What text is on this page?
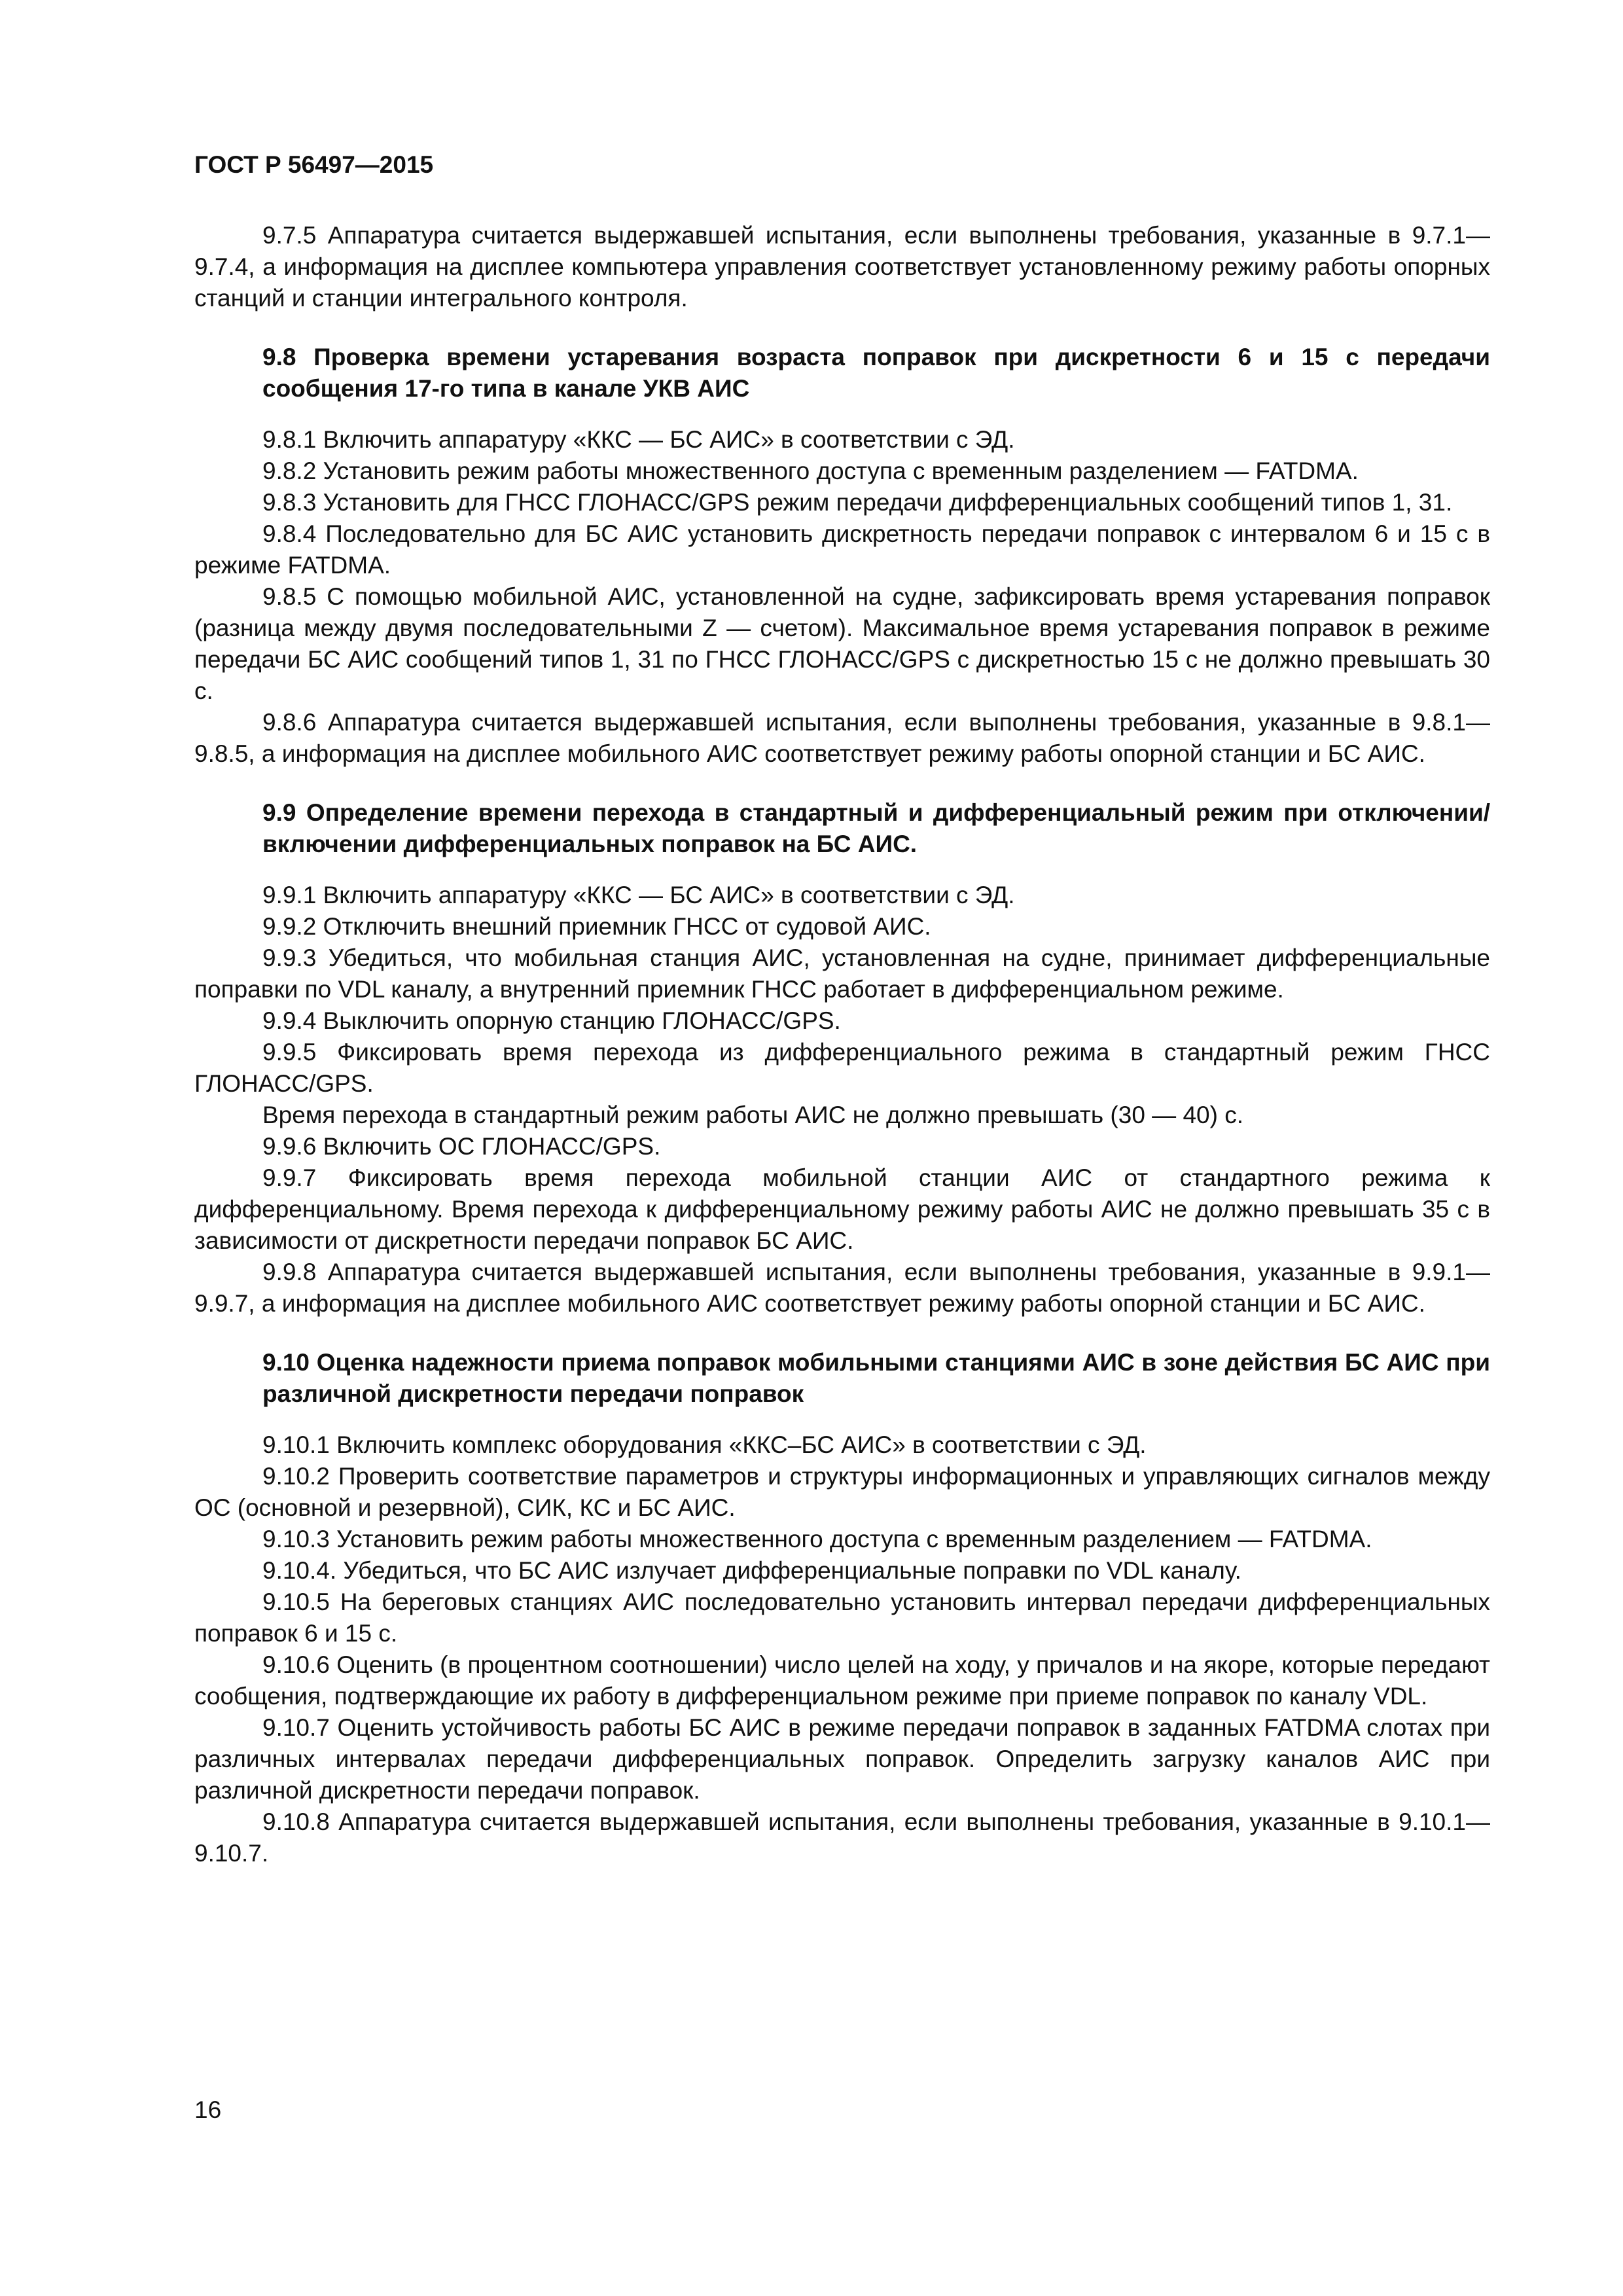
ГОСТ Р 56497—2015

9.7.5 Аппаратура считается выдержавшей испытания, если выполнены требования, указанные в 9.7.1—9.7.4, а информация на дисплее компьютера управления соответствует установленному режиму работы опорных станций и станции интегрального контроля.

9.8 Проверка времени устаревания возраста поправок при дискретности 6 и 15 с передачи сообщения 17-го типа в канале УКВ АИС

9.8.1 Включить аппаратуру «ККС — БС АИС» в соответствии с ЭД.

9.8.2 Установить режим работы множественного доступа с временным разделением — FATDMA.

9.8.3 Установить для ГНСС ГЛОНАСС/GPS режим передачи дифференциальных сообщений типов 1, 31.

9.8.4 Последовательно для БС АИС установить дискретность передачи поправок с интервалом 6 и 15 с в режиме FATDMA.

9.8.5 С помощью мобильной АИС, установленной на судне, зафиксировать время устаревания поправок (разница между двумя последовательными Z — счетом). Максимальное время устаревания поправок в режиме передачи БС АИС сообщений типов 1, 31 по ГНСС ГЛОНАСС/GPS с дискретностью 15 с не должно превышать 30 с.

9.8.6 Аппаратура считается выдержавшей испытания, если выполнены требования, указанные в 9.8.1—9.8.5, а информация на дисплее мобильного АИС соответствует режиму работы опорной станции и БС АИС.

9.9 Определение времени перехода в стандартный и дифференциальный режим при отключении/включении дифференциальных поправок на БС АИС.

9.9.1 Включить аппаратуру «ККС — БС АИС» в соответствии с ЭД.

9.9.2 Отключить внешний приемник ГНСС от судовой АИС.

9.9.3 Убедиться, что мобильная станция АИС, установленная на судне, принимает дифференциальные поправки по VDL каналу, а внутренний приемник ГНСС работает в дифференциальном режиме.

9.9.4 Выключить опорную станцию ГЛОНАСС/GPS.

9.9.5 Фиксировать время перехода из дифференциального режима в стандартный режим ГНСС ГЛОНАСС/GPS.

Время перехода в стандартный режим работы АИС не должно превышать (30 — 40) с.

9.9.6 Включить ОС ГЛОНАСС/GPS.

9.9.7 Фиксировать время перехода мобильной станции АИС от стандартного режима к дифференциальному. Время перехода к дифференциальному режиму работы АИС не должно превышать 35 с в зависимости от дискретности передачи поправок БС АИС.

9.9.8 Аппаратура считается выдержавшей испытания, если выполнены требования, указанные в 9.9.1—9.9.7, а информация на дисплее мобильного АИС соответствует режиму работы опорной станции и БС АИС.

9.10 Оценка надежности приема поправок мобильными станциями АИС в зоне действия БС АИС при различной дискретности передачи поправок

9.10.1 Включить комплекс оборудования «ККС–БС АИС» в соответствии с ЭД.

9.10.2 Проверить соответствие параметров и структуры информационных и управляющих сигналов между ОС (основной и резервной), СИК, КС и БС АИС.

9.10.3 Установить режим работы множественного доступа с временным разделением — FATDMA.

9.10.4. Убедиться, что БС АИС излучает дифференциальные поправки по VDL каналу.

9.10.5 На береговых станциях АИС последовательно установить интервал передачи дифференциальных поправок 6 и 15 с.

9.10.6 Оценить (в процентном соотношении) число целей на ходу, у причалов и на якоре, которые передают сообщения, подтверждающие их работу в дифференциальном режиме при приеме поправок по каналу VDL.

9.10.7 Оценить устойчивость работы БС АИС в режиме передачи поправок в заданных FATDMA слотах при различных интервалах передачи дифференциальных поправок. Определить загрузку каналов АИС при различной дискретности передачи поправок.

9.10.8 Аппаратура считается выдержавшей испытания, если выполнены требования, указанные в 9.10.1—9.10.7.

16
